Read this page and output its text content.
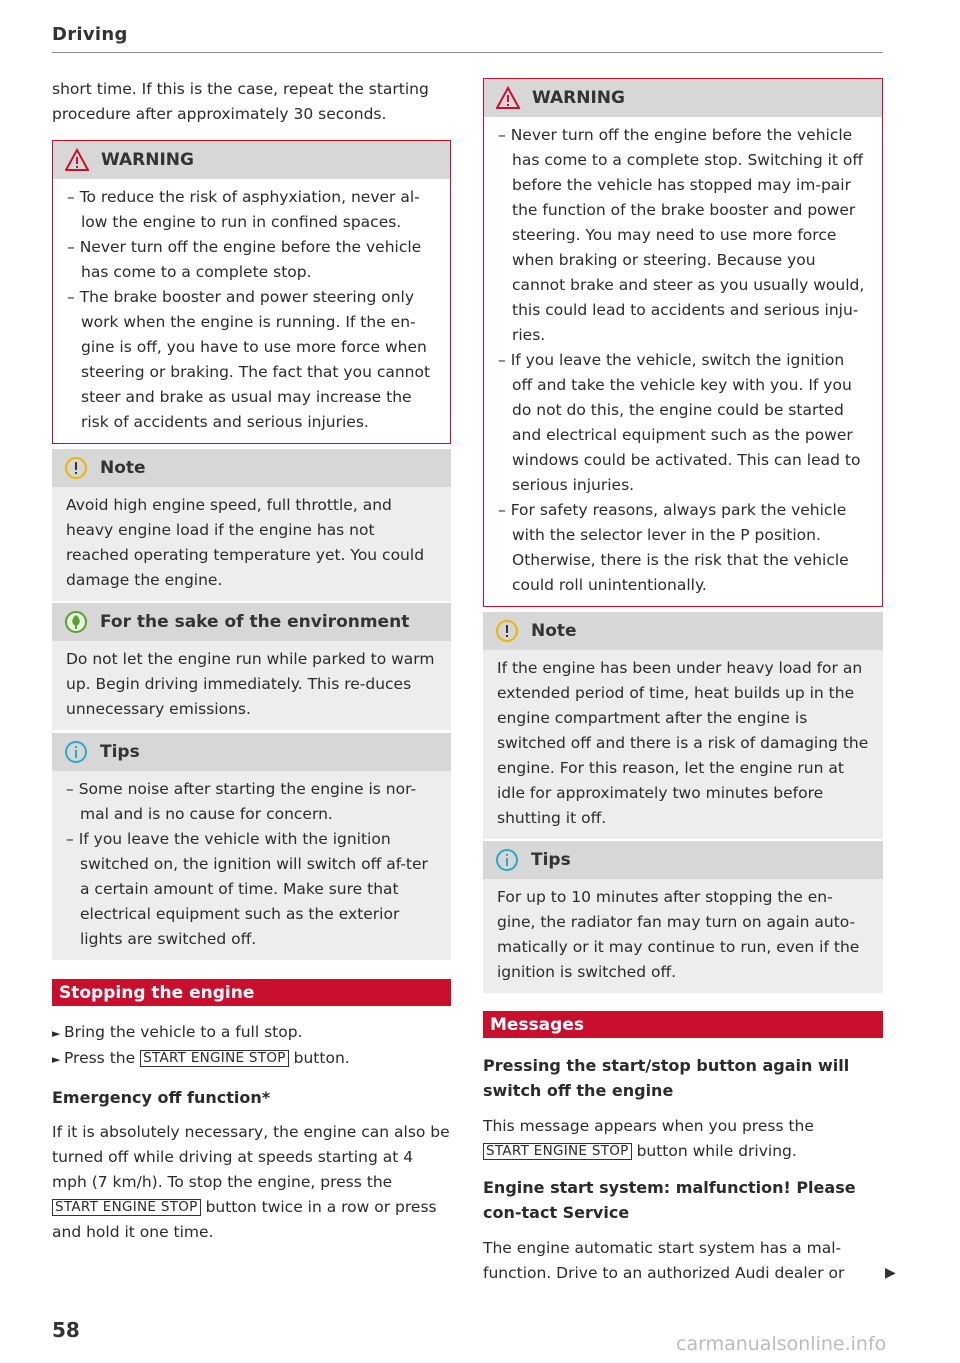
Driving

short time. If this is the case, repeat the starting procedure after approximately 30 seconds.

WARNING
– To reduce the risk of asphyxiation, never al-low the engine to run in confined spaces.
– Never turn off the engine before the vehicle has come to a complete stop.
– The brake booster and power steering only work when the engine is running. If the en-gine is off, you have to use more force when steering or braking. The fact that you cannot steer and brake as usual may increase the risk of accidents and serious injuries.
Note

Avoid high engine speed, full throttle, and heavy engine load if the engine has not reached operating temperature yet. You could damage the engine.

For the sake of the environment

Do not let the engine run while parked to warm up. Begin driving immediately. This re-duces unnecessary emissions.

Tips
– Some noise after starting the engine is nor-mal and is no cause for concern.
– If you leave the vehicle with the ignition switched on, the ignition will switch off af-ter a certain amount of time. Make sure that electrical equipment such as the exterior lights are switched off.
Stopping the engine
► Bring the vehicle to a full stop.
► Press the START ENGINE STOP button.

Emergency off function*

If it is absolutely necessary, the engine can also be turned off while driving at speeds starting at 4 mph (7 km/h). To stop the engine, press the START ENGINE STOP button twice in a row or press and hold it one time.

WARNING
– Never turn off the engine before the vehicle has come to a complete stop. Switching it off before the vehicle has stopped may im-pair the function of the brake booster and power steering. You may need to use more force when braking or steering. Because you cannot brake and steer as you usually would, this could lead to accidents and serious inju-ries.
– If you leave the vehicle, switch the ignition off and take the vehicle key with you. If you do not do this, the engine could be started and electrical equipment such as the power windows could be activated. This can lead to serious injuries.
– For safety reasons, always park the vehicle with the selector lever in the P position. Otherwise, there is the risk that the vehicle could roll unintentionally.
Note

If the engine has been under heavy load for an extended period of time, heat builds up in the engine compartment after the engine is switched off and there is a risk of damaging the engine. For this reason, let the engine run at idle for approximately two minutes before shutting it off.

Tips

For up to 10 minutes after stopping the en-gine, the radiator fan may turn on again auto-matically or it may continue to run, even if the ignition is switched off.

Messages

Pressing the start/stop button again will switch off the engine

This message appears when you press the START ENGINE STOP button while driving.

Engine start system: malfunction! Please con-tact Service

The engine automatic start system has a mal-function. Drive to an authorized Audi dealer or	▶
58
carmanualsonline.info
